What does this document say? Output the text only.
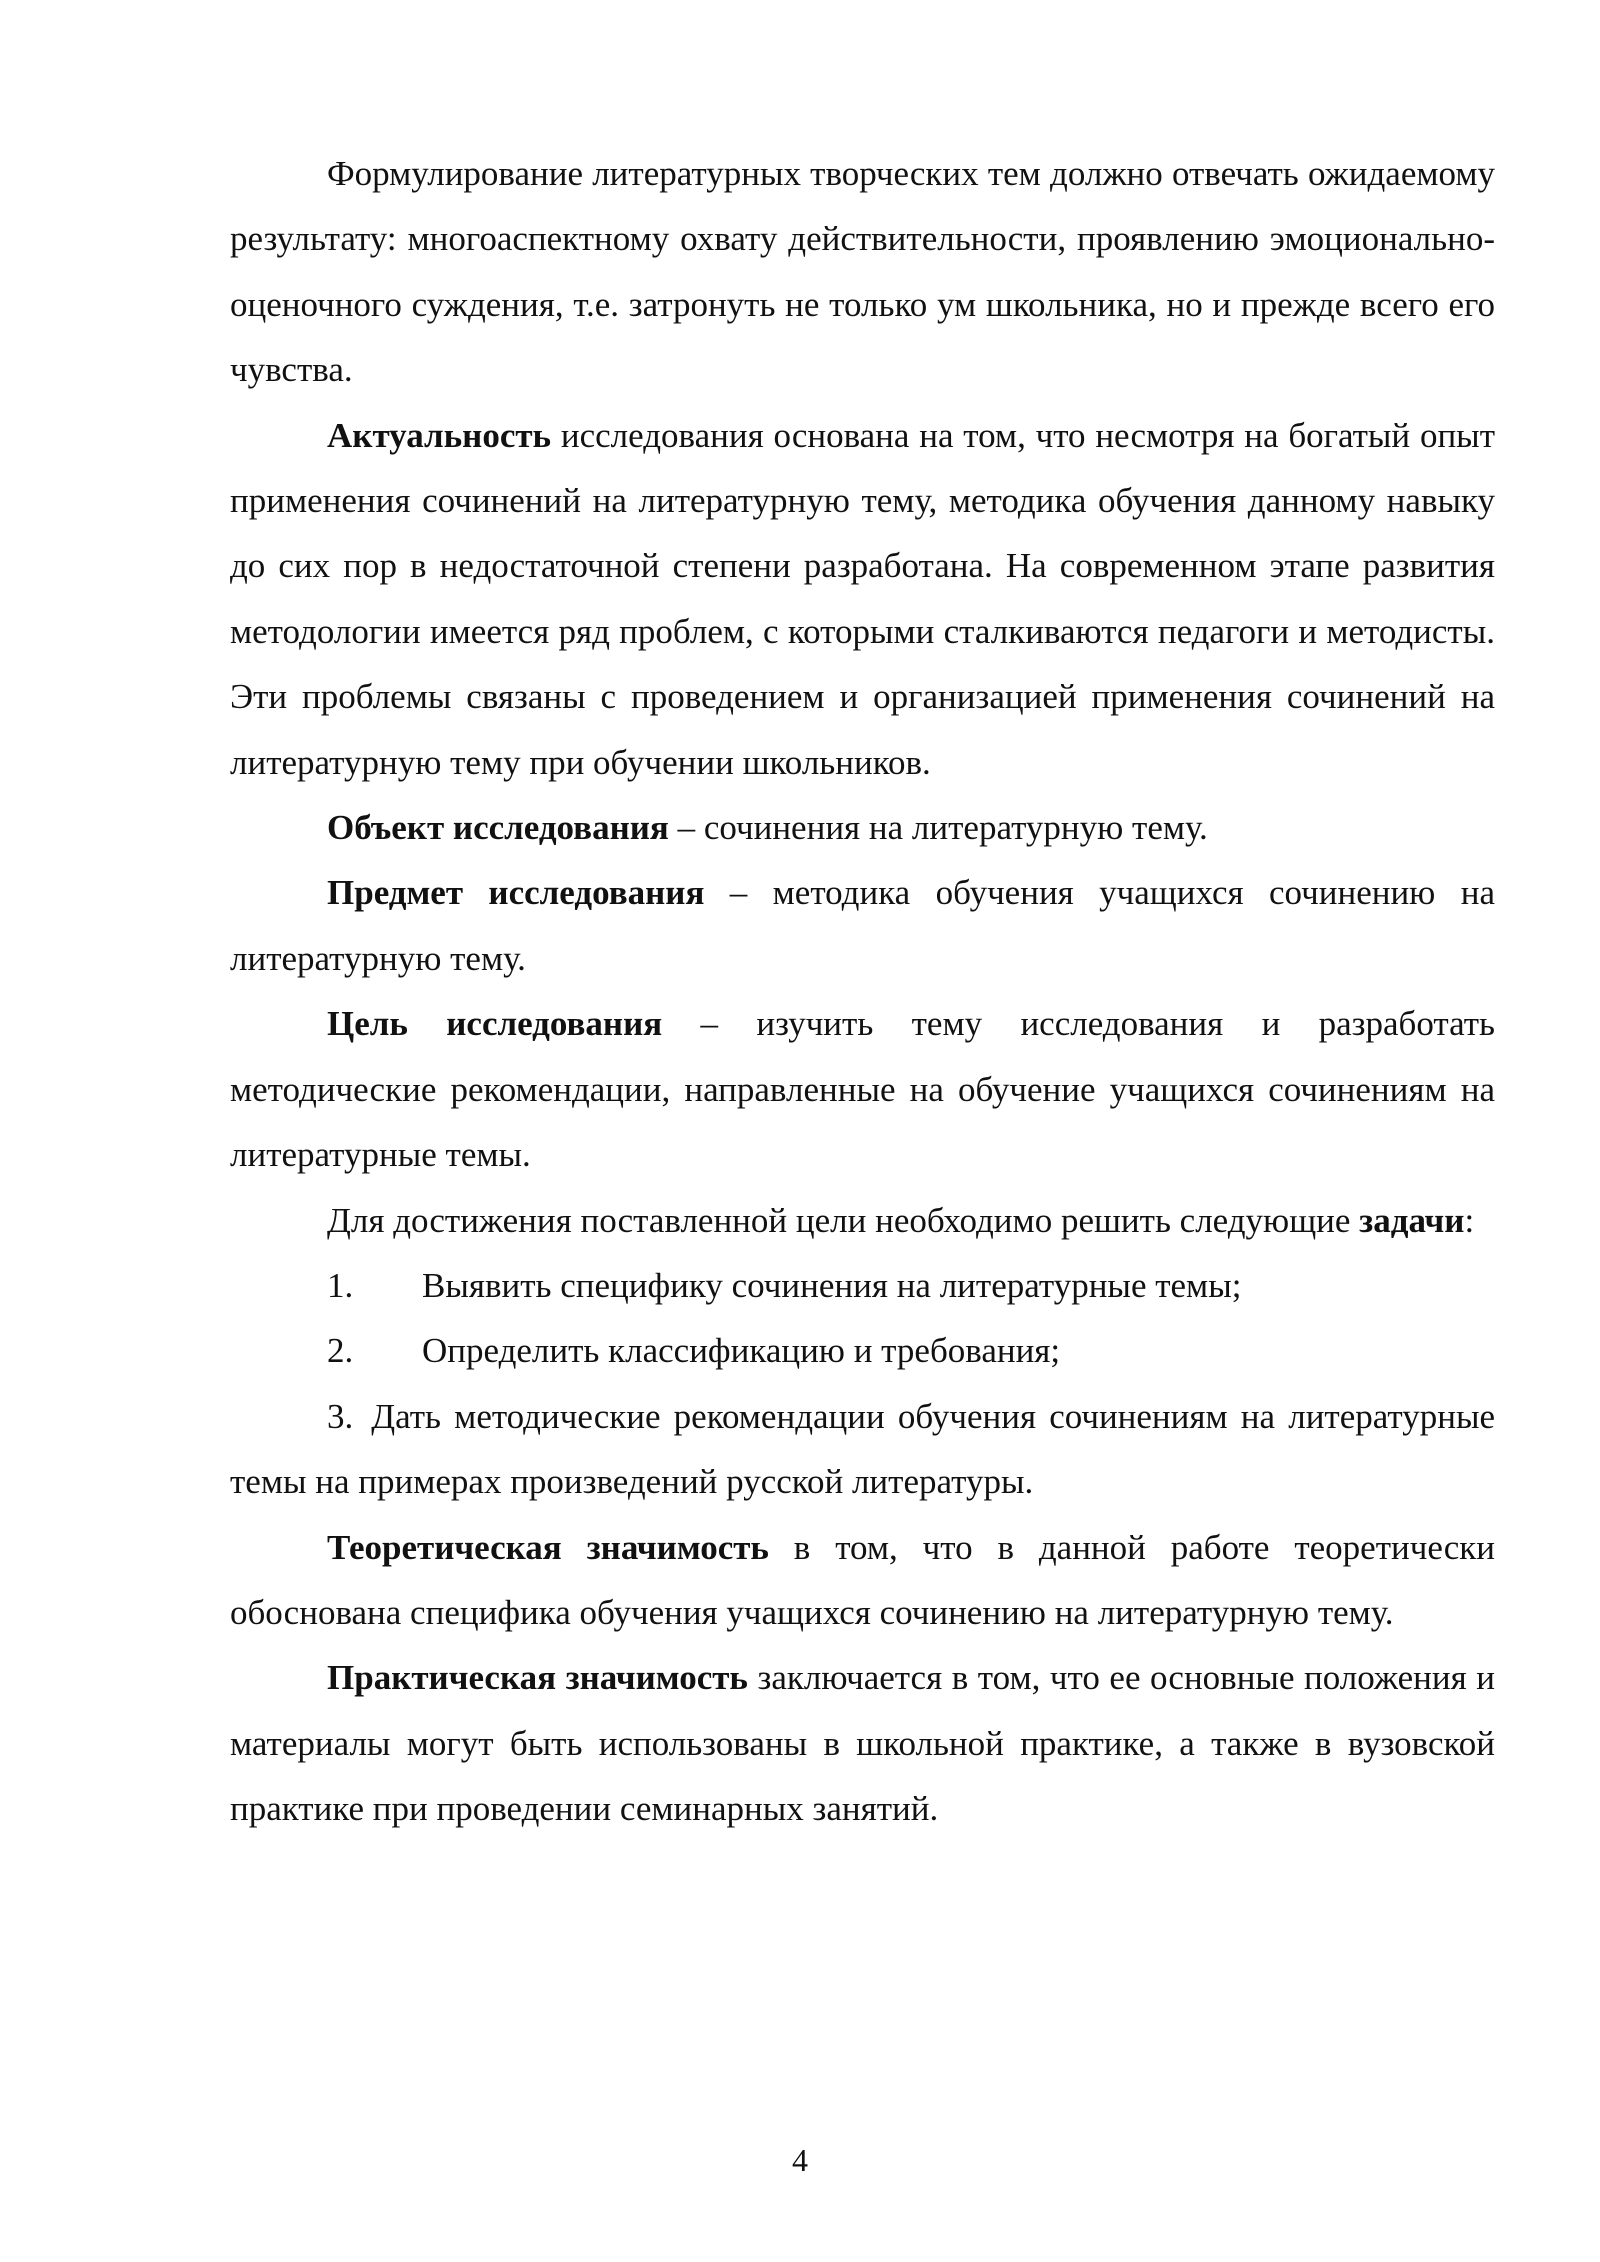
Формулирование литературных творческих тем должно отвечать ожидаемому результату: многоаспектному охвату действительности, проявлению эмоционально-оценочного суждения, т.е. затронуть не только ум школьника, но и прежде всего его чувства.

Актуальность исследования основана на том, что несмотря на богатый опыт применения сочинений на литературную тему, методика обучения данному навыку до сих пор в недостаточной степени разработана. На современном этапе развития методологии имеется ряд проблем, с которыми сталкиваются педагоги и методисты. Эти проблемы связаны с проведением и организацией применения сочинений на литературную тему при обучении школьников.

Объект исследования – сочинения на литературную тему.

Предмет исследования – методика обучения учащихся сочинению на литературную тему.

Цель исследования – изучить тему исследования и разработать методические рекомендации, направленные на обучение учащихся сочинениям на литературные темы.

Для достижения поставленной цели необходимо решить следующие задачи:

1. Выявить специфику сочинения на литературные темы;

2. Определить классификацию и требования;

3. Дать методические рекомендации обучения сочинениям на литературные темы на примерах произведений русской литературы.

Теоретическая значимость в том, что в данной работе теоретически обоснована специфика обучения учащихся сочинению на литературную тему.

Практическая значимость заключается в том, что ее основные положения и материалы могут быть использованы в школьной практике, а также в вузовской практике при проведении семинарных занятий.

4
